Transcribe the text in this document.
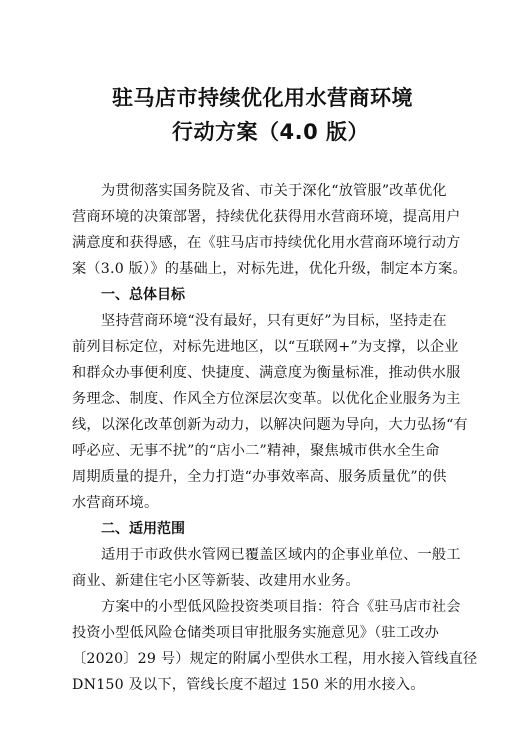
驻马店市持续优化用水营商环境
行动方案（4.0 版）
为贯彻落实国务院及省、市关于深化“放管服”改革优化
营商环境的决策部署，持续优化获得用水营商环境，提高用户
满意度和获得感，在《驻马店市持续优化用水营商环境行动方
案（3.0 版）》的基础上，对标先进，优化升级，制定本方案。
一、总体目标
坚持营商环境“没有最好，只有更好”为目标，坚持走在
前列目标定位，对标先进地区，以“互联网+”为支撑，以企业
和群众办事便利度、快捷度、满意度为衡量标准，推动供水服
务理念、制度、作风全方位深层次变革。以优化企业服务为主
线，以深化改革创新为动力，以解决问题为导向，大力弘扬“有
呼必应、无事不扰”的“店小二”精神，聚焦城市供水全生命
周期质量的提升，全力打造“办事效率高、服务质量优”的供
水营商环境。
二、适用范围
适用于市政供水管网已覆盖区域内的企事业单位、一般工
商业、新建住宅小区等新装、改建用水业务。
方案中的小型低风险投资类项目指：符合《驻马店市社会
投资小型低风险仓储类项目审批服务实施意见》（驻工改办
〔2020〕29 号）规定的附属小型供水工程，用水接入管线直径
DN150 及以下，管线长度不超过 150 米的用水接入。
